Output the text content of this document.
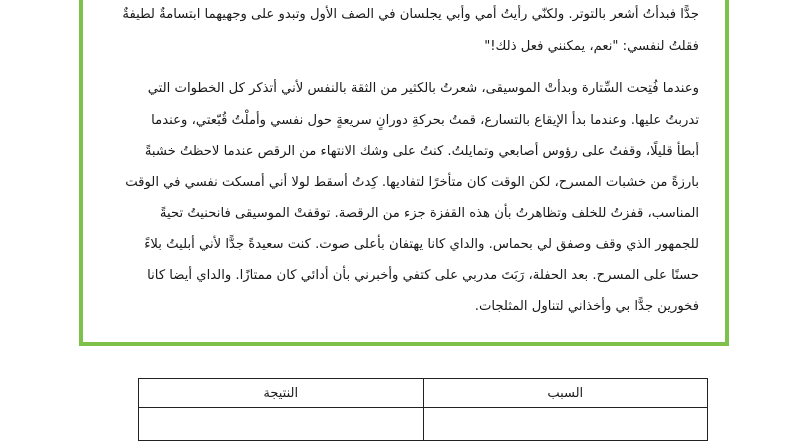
جدًّا فبدأتُ أشعر بالتوتر. ولكنّي رأيتُ أمي وأبي يجلسان في الصف الأول وتبدو على وجهيهما ابتسامةٌ لطيفةٌ
فقلتُ لنفسي: "نعم، يمكنني فعل ذلك!"
وعندما فُتِحت السِّتارة وبدأتْ الموسيقى، شعرتُ بالكثير من الثقة بالنفس لأني أتذكر كل الخطوات التي
تدربتُ عليها. وعندما بدأ الإيقاع بالتسارع، قمتُ بحركةِ دورانٍ سريعةٍ حول نفسي وأملْتُ قُبّعتي، وعندما
أبطأ قليلًا، وقفتُ على رؤوس أصابعي وتمايلتُ. كنتُ على وشك الانتهاء من الرقص عندما لاحظتُ خشبةً
بارزةً من خشبات المسرح، لكن الوقت كان متأخرًا لتفاديها. كِدتُ أسقط لولا أني أمسكت نفسي في الوقت
المناسب، قفزتُ للخلف وتظاهرتُ بأن هذه القفزة جزء من الرقصة. توقفتْ الموسيقى فانحنيتُ تحيةً
للجمهور الذي وقف وصفق لي بحماس. والداي كانا يهتفان بأعلى صوت. كنت سعيدةً جدًّا لأني أبليتُ بلاءً
حسنًا على المسرح. بعد الحفلة، رَبَتَ مدربي على كتفي وأخبرني بأن أدائي كان ممتازًا. والداي أيضا كانا
فخورين جدًّا بي وأخذاني لتناول المثلجات.
السبب	النتيجة
